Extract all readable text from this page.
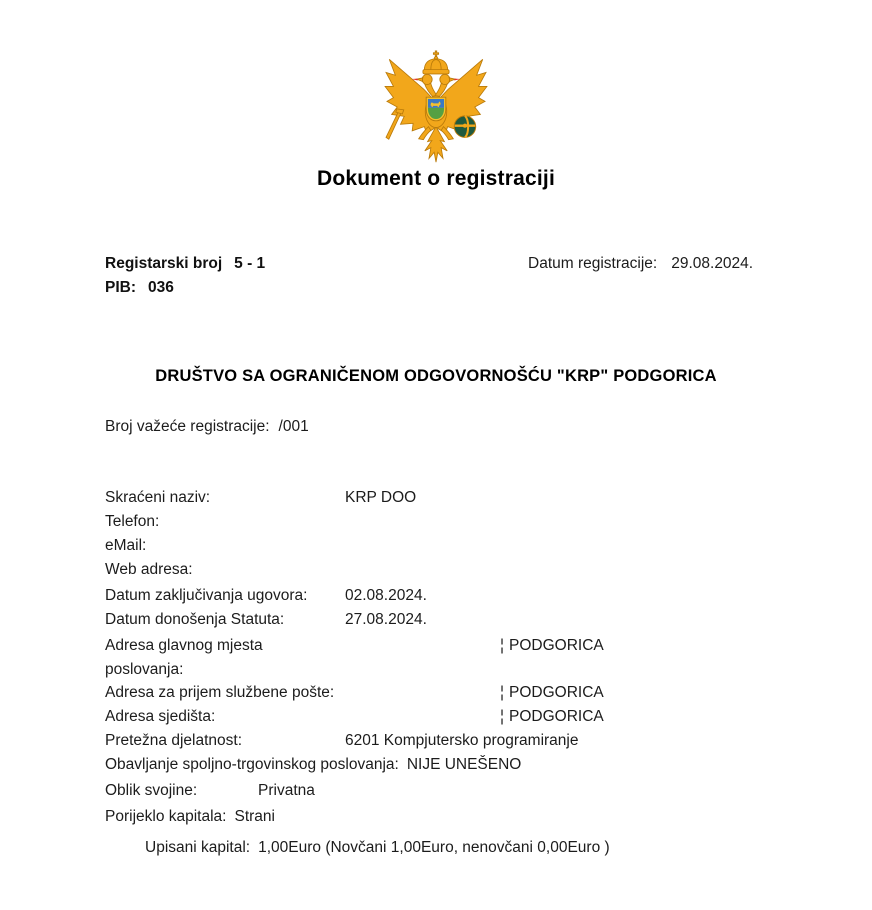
Dokument o registraciji
Registarski broj 5 - 1
PIB: 036
Datum registracije: 29.08.2024.
DRUŠTVO SA OGRANIČENOM ODGOVORNOŠĆU "KRP" PODGORICA
Broj važeće registracije: /001
Skraćeni naziv:	KRP DOO
Telefon:
eMail:
Web adresa:
Datum zaključivanja ugovora:	02.08.2024.
Datum donošenja Statuta:	27.08.2024.
Adresa glavnog mjesta poslovanja:
¦ PODGORICA
Adresa za prijem službene pošte:	¦ PODGORICA
Adresa sjedišta:	¦ PODGORICA
Pretežna djelatnost:	6201 Kompjutersko programiranje
Obavljanje spoljno-trgovinskog poslovanja: NIJE UNEŠENO
Oblik svojine:	Privatna
Porijeklo kapitala: Strani
Upisani kapital: 1,00Euro (Novčani 1,00Euro, nenovčani 0,00Euro )
